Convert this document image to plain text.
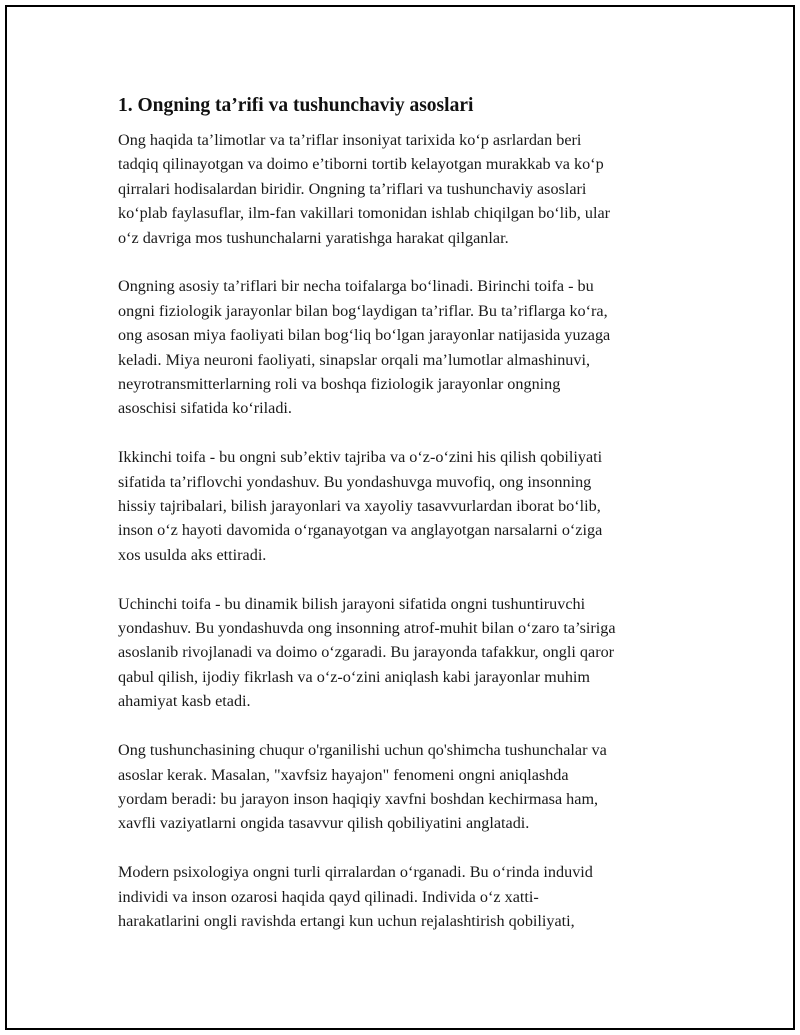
1. Ongning ta’rifi va tushunchaviy asoslari

Ong haqida ta’limotlar va ta’riflar insoniyat tarixida ko‘p asrlardan beri
tadqiq qilinayotgan va doimo e’tiborni tortib kelayotgan murakkab va ko‘p
qirralari hodisalardan biridir. Ongning ta’riflari va tushunchaviy asoslari
ko‘plab faylasuflar, ilm-fan vakillari tomonidan ishlab chiqilgan bo‘lib, ular
o‘z davriga mos tushunchalarni yaratishga harakat qilganlar.

Ongning asosiy ta’riflari bir necha toifalarga bo‘linadi. Birinchi toifa - bu
ongni fiziologik jarayonlar bilan bog‘laydigan ta’riflar. Bu ta’riflarga ko‘ra,
ong asosan miya faoliyati bilan bog‘liq bo‘lgan jarayonlar natijasida yuzaga
keladi. Miya neuroni faoliyati, sinapslar orqali ma’lumotlar almashinuvi,
neyrotransmitterlarning roli va boshqa fiziologik jarayonlar ongning
asoschisi sifatida ko‘riladi.

Ikkinchi toifa - bu ongni sub’ektiv tajriba va o‘z-o‘zini his qilish qobiliyati
sifatida ta’riflovchi yondashuv. Bu yondashuvga muvofiq, ong insonning
hissiy tajribalari, bilish jarayonlari va xayoliy tasavvurlardan iborat bo‘lib,
inson o‘z hayoti davomida o‘rganayotgan va anglayotgan narsalarni o‘ziga
xos usulda aks ettiradi.

Uchinchi toifa - bu dinamik bilish jarayoni sifatida ongni tushuntiruvchi
yondashuv. Bu yondashuvda ong insonning atrof-muhit bilan o‘zaro ta’siriga
asoslanib rivojlanadi va doimo o‘zgaradi. Bu jarayonda tafakkur, ongli qaror
qabul qilish, ijodiy fikrlash va o‘z-o‘zini aniqlash kabi jarayonlar muhim
ahamiyat kasb etadi.

Ong tushunchasining chuqur o'rganilishi uchun qo'shimcha tushunchalar va
asoslar kerak. Masalan, "xavfsiz hayajon" fenomeni ongni aniqlashda
yordam beradi: bu jarayon inson haqiqiy xavfni boshdan kechirmasa ham,
xavfli vaziyatlarni ongida tasavvur qilish qobiliyatini anglatadi.

Modern psixologiya ongni turli qirralardan o‘rganadi. Bu o‘rinda induvid
individi va inson ozarosi haqida qayd qilinadi. Individa o‘z xatti-
harakatlarini ongli ravishda ertangi kun uchun rejalashtirish qobiliyati,
